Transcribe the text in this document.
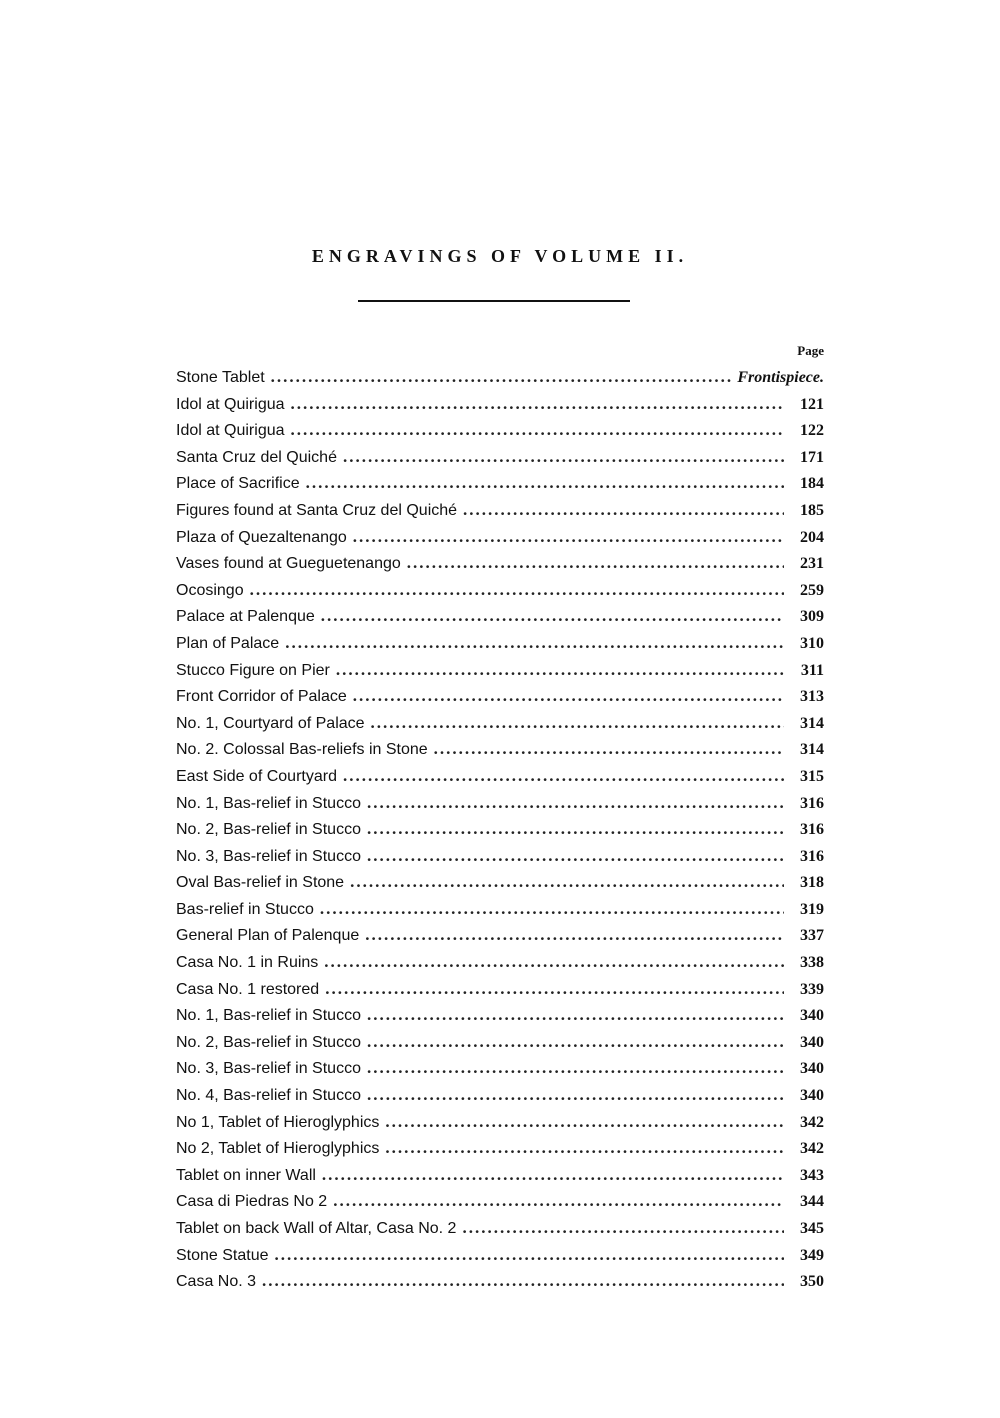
ENGRAVINGS OF VOLUME II.
Page
Stone Tablet .....	Frontispiece.
Idol at Quirigua .....	121
Idol at Quirigua .....	122
Santa Cruz del Quiché .....	171
Place of Sacrifice .....	184
Figures found at Santa Cruz del Quiché .....	185
Plaza of Quezaltenango .....	204
Vases found at Gueguetenango .....	231
Ocosingo .....	259
Palace at Palenque .....	309
Plan of Palace .....	310
Stucco Figure on Pier .....	311
Front Corridor of Palace .....	313
No. 1, Courtyard of Palace .....	314
No. 2. Colossal Bas-reliefs in Stone .....	314
East Side of Courtyard .....	315
No. 1, Bas-relief in Stucco .....	316
No. 2, Bas-relief in Stucco .....	316
No. 3, Bas-relief in Stucco .....	316
Oval Bas-relief in Stone .....	318
Bas-relief in Stucco .....	319
General Plan of Palenque .....	337
Casa No. 1 in Ruins .....	338
Casa No. 1 restored .....	339
No. 1, Bas-relief in Stucco .....	340
No. 2, Bas-relief in Stucco .....	340
No. 3, Bas-relief in Stucco .....	340
No. 4, Bas-relief in Stucco .....	340
No 1, Tablet of Hieroglyphics .....	342
No 2, Tablet of Hieroglyphics .....	342
Tablet on inner Wall .....	343
Casa di Piedras No 2 .....	344
Tablet on back Wall of Altar, Casa No. 2 .....	345
Stone Statue .....	349
Casa No. 3 .....	350
